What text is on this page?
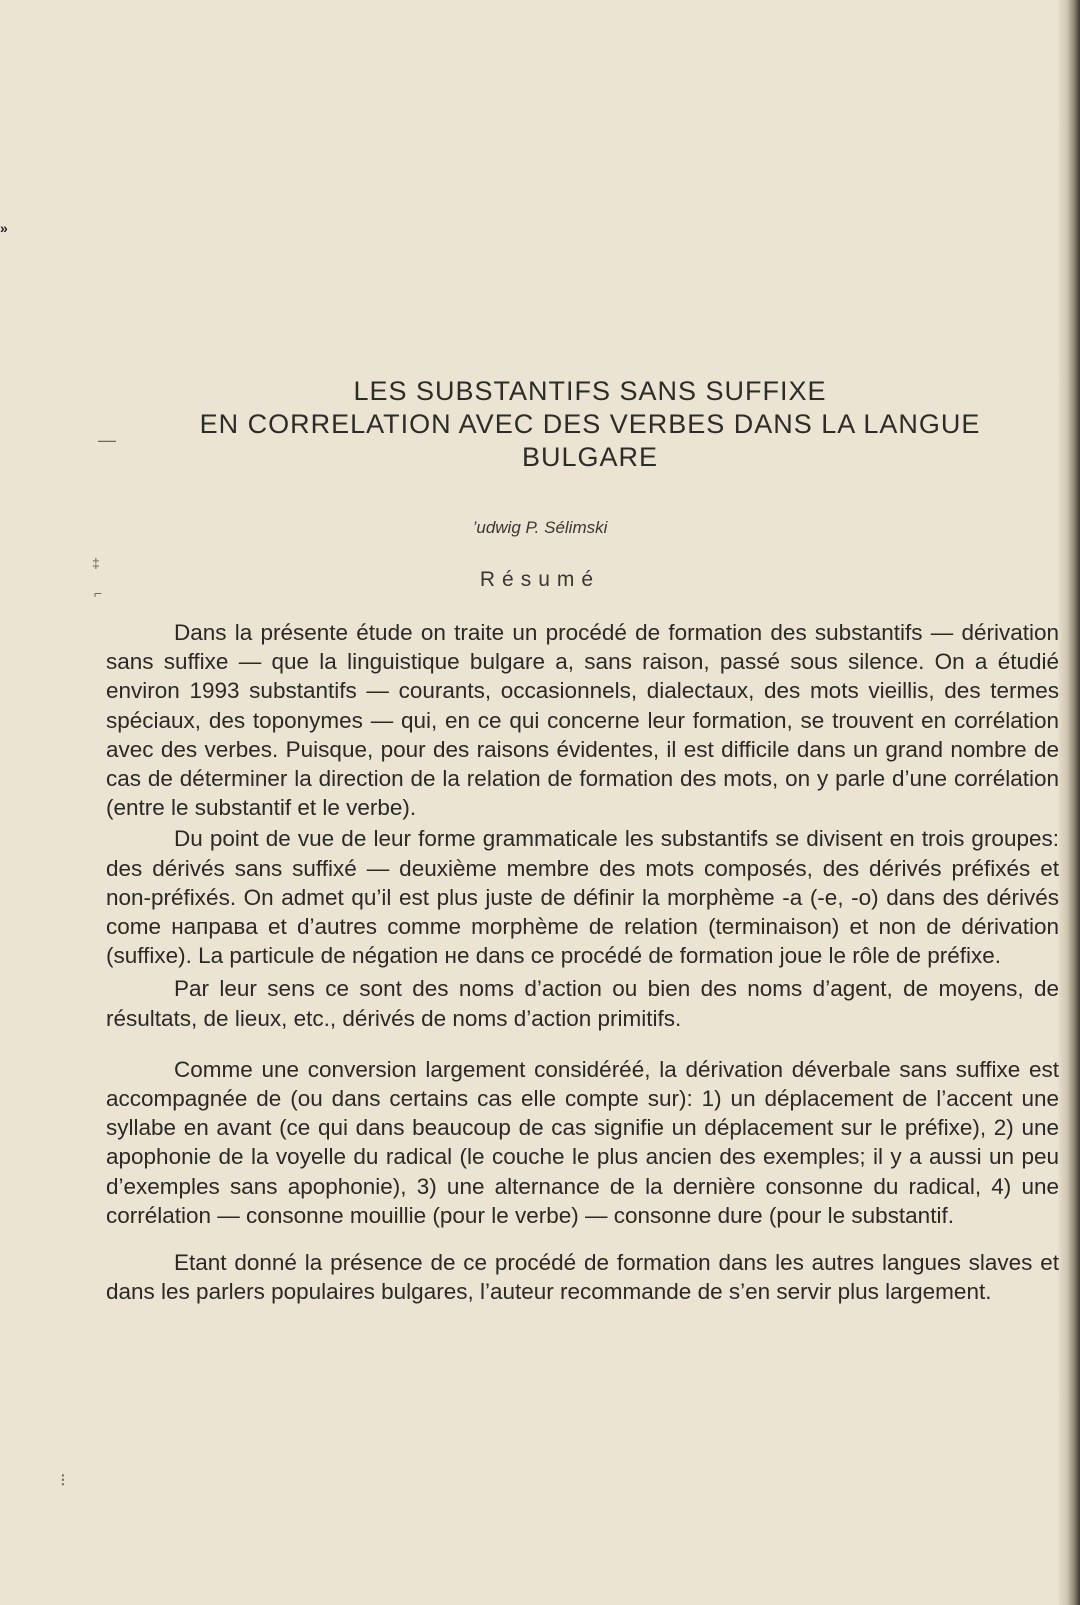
»
—
‡
⌐
⁝
LES SUBSTANTIFS SANS SUFFIXE
EN CORRELATION AVEC DES VERBES DANS LA LANGUE
BULGARE
’udwig P. Sélimski
Résumé

Dans la présente étude on traite un procédé de formation des substantifs — dérivation sans suffixe — que la linguistique bulgare a, sans raison, passé sous silence. On a étudié environ 1993 substantifs — courants, occasionnels, dialectaux, des mots vieillis, des termes spéciaux, des toponymes — qui, en ce qui concerne leur formation, se trouvent en corrélation avec des verbes. Puisque, pour des raisons évidentes, il est difficile dans un grand nombre de cas de déterminer la direction de la relation de formation des mots, on y parle d’une corrélation (entre le substantif et le verbe).

Du point de vue de leur forme grammaticale les substantifs se divisent en trois groupes: des dérivés sans suffixé — deuxième membre des mots composés, des dérivés préfixés et non-préfixés. On admet qu’il est plus juste de définir la morphème -a (-e, -o) dans des dérivés come напрaвa et d’autres comme morphème de relation (terminaison) et non de dérivation (suffixe). La particule de négation не dans ce procédé de formation joue le rôle de préfixe.

Par leur sens ce sont des noms d’action ou bien des noms d’agent, de moyens, de résultats, de lieux, etc., dérivés de noms d’action primitifs.

Comme une conversion largement considéréé, la dérivation déverbale sans suffixe est accompagnée de (ou dans certains cas elle compte sur): 1) un déplacement de l’accent une syllabe en avant (ce qui dans beaucoup de cas signifie un déplacement sur le préfixe), 2) une apophonie de la voyelle du radical (le couche le plus ancien des exemples; il y a aussi un peu d’exemples sans apophonie), 3) une alternance de la dernière consonne du radical, 4) une corrélation — consonne mouillie (pour le verbe) — consonne dure (pour le substantif.

Etant donné la présence de ce procédé de formation dans les autres langues slaves et dans les parlers populaires bulgares, l’auteur recommande de s’en servir plus largement.
